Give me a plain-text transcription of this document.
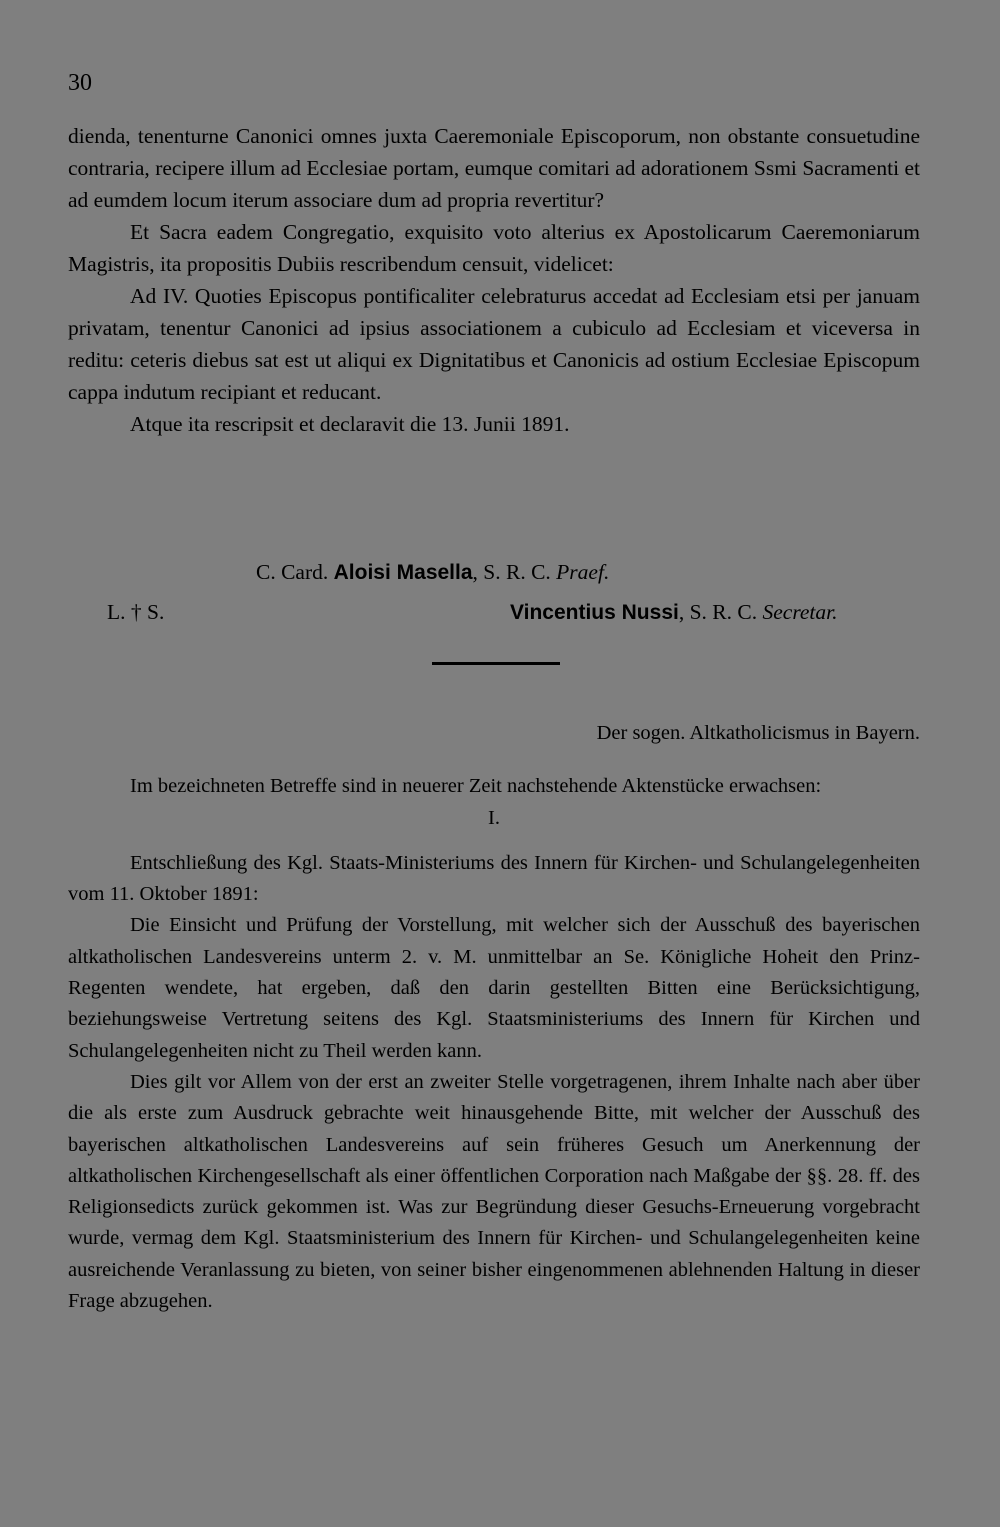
30

dienda, tenenturne Canonici omnes juxta Caeremoniale Episcoporum, non obstante consuetudine contraria, recipere illum ad Ecclesiae portam, eumque comitari ad adorationem Ssmi Sacramenti et ad eumdem locum iterum associare dum ad propria revertitur?

Et Sacra eadem Congregatio, exquisito voto alterius ex Apostolicarum Caeremoniarum Magistris, ita propositis Dubiis rescribendum censuit, videlicet:

Ad IV. Quoties Episcopus pontificaliter celebraturus accedat ad Ecclesiam etsi per januam privatam, tenentur Canonici ad ipsius associationem a cubiculo ad Ecclesiam et viceversa in reditu: ceteris diebus sat est ut aliqui ex Dignitatibus et Canonicis ad ostium Ecclesiae Episcopum cappa indutum recipiant et reducant.

Atque ita rescripsit et declaravit die 13. Junii 1891.

C. Card. Aloisi Masella, S. R. C. Praef.
L. † S.	Vincentius Nussi, S. R. C. Secretar.

Der sogen. Altkatholicismus in Bayern.

Im bezeichneten Betreffe sind in neuerer Zeit nachstehende Aktenstücke erwachsen:

I.

Entschließung des Kgl. Staats-Ministeriums des Innern für Kirchen- und Schulangelegenheiten vom 11. Oktober 1891:

Die Einsicht und Prüfung der Vorstellung, mit welcher sich der Ausschuß des bayerischen altkatholischen Landesvereins unterm 2. v. M. unmittelbar an Se. Königliche Hoheit den Prinz-Regenten wendete, hat ergeben, daß den darin gestellten Bitten eine Berücksichtigung, beziehungsweise Vertretung seitens des Kgl. Staatsministeriums des Innern für Kirchen und Schulangelegenheiten nicht zu Theil werden kann.

Dies gilt vor Allem von der erst an zweiter Stelle vorgetragenen, ihrem Inhalte nach aber über die als erste zum Ausdruck gebrachte weit hinausgehende Bitte, mit welcher der Ausschuß des bayerischen altkatholischen Landesvereins auf sein früheres Gesuch um Anerkennung der altkatholischen Kirchengesellschaft als einer öffentlichen Corporation nach Maßgabe der §§. 28. ff. des Religionsedicts zurück gekommen ist. Was zur Begründung dieser Gesuchs-Erneuerung vorgebracht wurde, vermag dem Kgl. Staatsministerium des Innern für Kirchen- und Schulangelegenheiten keine ausreichende Veranlassung zu bieten, von seiner bisher eingenommenen ablehnenden Haltung in dieser Frage abzugehen.
